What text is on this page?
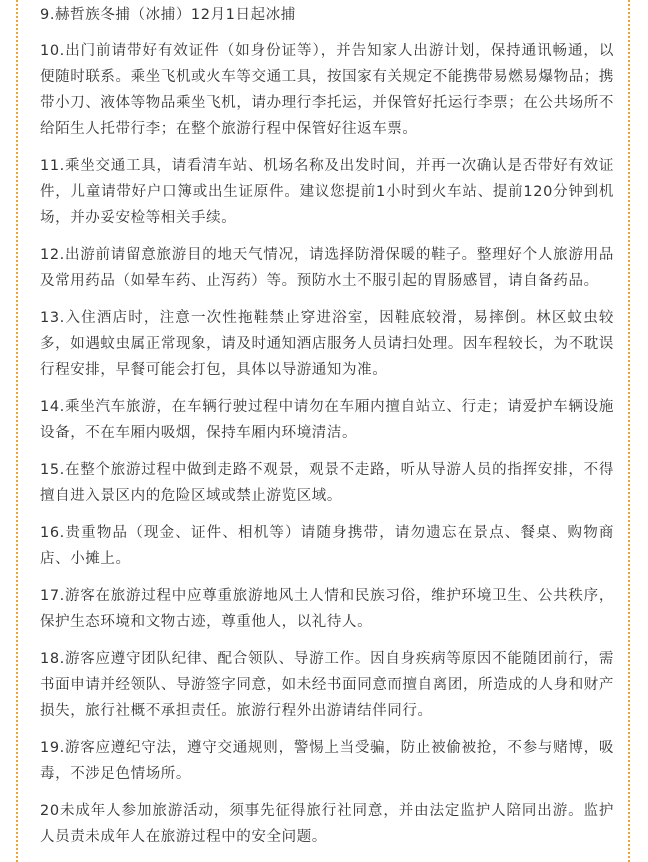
9.赫哲族冬捕（冰捕）12月1日起冰捕

10.出门前请带好有效证件（如身份证等），并告知家人出游计划，保持通讯畅通，以便随时联系。乘坐飞机或火车等交通工具，按国家有关规定不能携带易燃易爆物品；携带小刀、液体等物品乘坐飞机，请办理行李托运，并保管好托运行李票；在公共场所不给陌生人托带行李；在整个旅游行程中保管好往返车票。

11.乘坐交通工具，请看清车站、机场名称及出发时间，并再一次确认是否带好有效证件，儿童请带好户口簿或出生证原件。建议您提前1小时到火车站、提前120分钟到机场，并办妥安检等相关手续。

12.出游前请留意旅游目的地天气情况，请选择防滑保暖的鞋子。整理好个人旅游用品及常用药品（如晕车药、止泻药）等。预防水土不服引起的胃肠感冒，请自备药品。

13.入住酒店时，注意一次性拖鞋禁止穿进浴室，因鞋底较滑，易摔倒。林区蚊虫较多，如遇蚊虫属正常现象，请及时通知酒店服务人员请扫处理。因车程较长，为不耽误行程安排，早餐可能会打包，具体以导游通知为准。

14.乘坐汽车旅游，在车辆行驶过程中请勿在车厢内擅自站立、行走；请爱护车辆设施设备，不在车厢内吸烟，保持车厢内环境清洁。

15.在整个旅游过程中做到走路不观景，观景不走路，听从导游人员的指挥安排，不得擅自进入景区内的危险区域或禁止游览区域。

16.贵重物品（现金、证件、相机等）请随身携带，请勿遗忘在景点、餐桌、购物商店、小摊上。

17.游客在旅游过程中应尊重旅游地风土人情和民族习俗，维护环境卫生、公共秩序，保护生态环境和文物古迹，尊重他人，以礼待人。

18.游客应遵守团队纪律、配合领队、导游工作。因自身疾病等原因不能随团前行，需书面申请并经领队、导游签字同意，如未经书面同意而擅自离团，所造成的人身和财产损失，旅行社概不承担责任。旅游行程外出游请结伴同行。

19.游客应遵纪守法，遵守交通规则，警惕上当受骗，防止被偷被抢，不参与赌博，吸毒，不涉足色情场所。

20未成年人参加旅游活动，须事先征得旅行社同意，并由法定监护人陪同出游。监护人员责未成年人在旅游过程中的安全问题。
